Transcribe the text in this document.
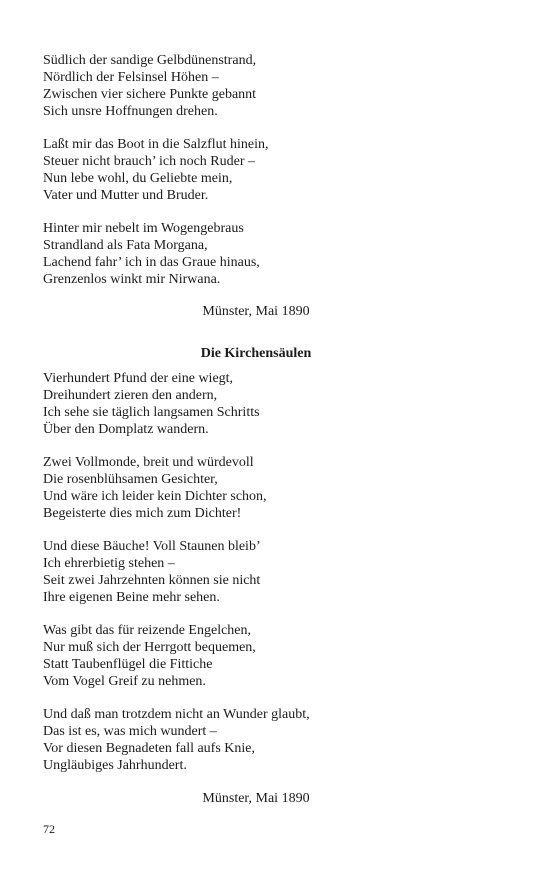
Südlich der sandige Gelbdünenstrand,
Nördlich der Felsinsel Höhen –
Zwischen vier sichere Punkte gebannt
Sich unsre Hoffnungen drehen.
Laßt mir das Boot in die Salzflut hinein,
Steuer nicht brauch’ ich noch Ruder –
Nun lebe wohl, du Geliebte mein,
Vater und Mutter und Bruder.
Hinter mir nebelt im Wogengebraus
Strandland als Fata Morgana,
Lachend fahr’ ich in das Graue hinaus,
Grenzenlos winkt mir Nirwana.
Münster, Mai 1890
Die Kirchensäulen
Vierhundert Pfund der eine wiegt,
Dreihundert zieren den andern,
Ich sehe sie täglich langsamen Schritts
Über den Domplatz wandern.
Zwei Vollmonde, breit und würdevoll
Die rosenblühsamen Gesichter,
Und wäre ich leider kein Dichter schon,
Begeisterte dies mich zum Dichter!
Und diese Bäuche! Voll Staunen bleib’
Ich ehrerbietig stehen –
Seit zwei Jahrzehnten können sie nicht
Ihre eigenen Beine mehr sehen.
Was gibt das für reizende Engelchen,
Nur muß sich der Herrgott bequemen,
Statt Taubenflügel die Fittiche
Vom Vogel Greif zu nehmen.
Und daß man trotzdem nicht an Wunder glaubt,
Das ist es, was mich wundert –
Vor diesen Begnadeten fall aufs Knie,
Ungläubiges Jahrhundert.
Münster, Mai 1890
72
